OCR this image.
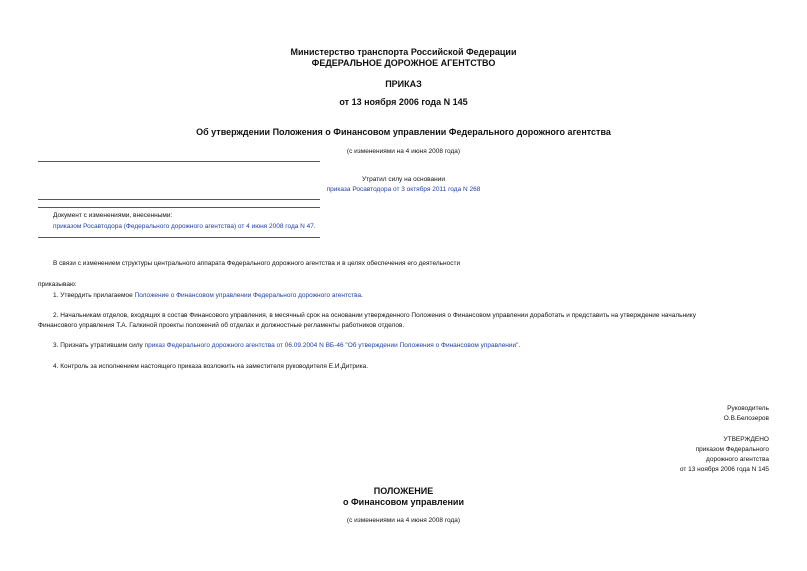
Министерство транспорта Российской Федерации
ФЕДЕРАЛЬНОЕ ДОРОЖНОЕ АГЕНТСТВО
ПРИКАЗ
от 13 ноября 2006 года N 145
Об утверждении Положения о Финансовом управлении Федерального дорожного агентства
(с изменениями на 4 июня 2008 года)
Утратил силу на основании
приказа Росавтодора от 3 октября 2011 года N 268
Документ с изменениями, внесенными:
приказом Росавтодора (Федерального дорожного агентства) от 4 июня 2008 года N 47.
В связи с изменением структуры центрального аппарата Федерального дорожного агентства и в целях обеспечения его деятельности
приказываю:
1. Утвердить прилагаемое Положение о Финансовом управлении Федерального дорожного агентства.
2. Начальникам отделов, входящих в состав Финансового управления, в месячный срок на основании утвержденного Положения о Финансовом управлении доработать и представить на утверждение начальнику
Финансового управления Т.А. Галкиной проекты положений об отделах и должностные регламенты работников отделов.
3. Признать утратившим силу приказ Федерального дорожного агентства от 06.09.2004 N ВБ-46 "Об утверждении Положения о Финансовом управлении".
4. Контроль за исполнением настоящего приказа возложить на заместителя руководителя Е.И.Дитрика.
Руководитель
О.В.Белозеров
УТВЕРЖДЕНО
приказом Федерального
дорожного агентства
от 13 ноября 2006 года N 145
ПОЛОЖЕНИЕ
о Финансовом управлении
(с изменениями на 4 июня 2008 года)
